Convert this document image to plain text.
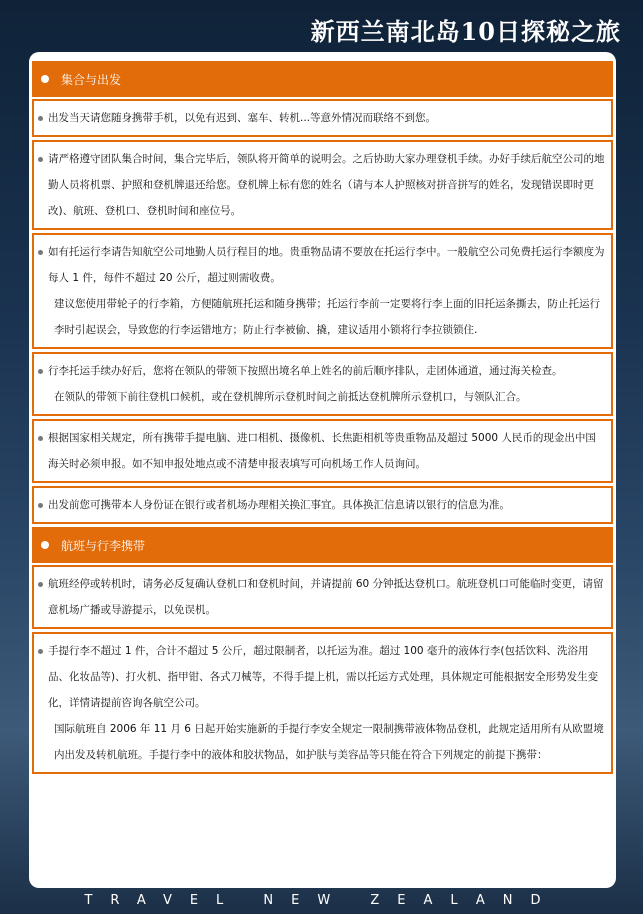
新西兰南北岛10日探秘之旅
集合与出发

出发当天请您随身携带手机，以免有迟到、塞车、转机...等意外情况而联络不到您。

请严格遵守团队集合时间，集合完毕后，领队将开简单的说明会。之后协助大家办理登机手续。办好手续后航空公司的地勤人员将机票、护照和登机牌退还给您。登机牌上标有您的姓名（请与本人护照核对拼音拼写的姓名，发现错误即时更改)、航班、登机口、登机时间和座位号。

如有托运行李请告知航空公司地勤人员行程目的地。贵重物品请不要放在托运行李中。一般航空公司免费托运行李额度为每人 1 件，每件不超过 20 公斤，超过则需收费。

建议您使用带轮子的行李箱，方便随航班托运和随身携带；托运行李前一定要将行李上面的旧托运条撕去，防止托运行李时引起误会，导致您的行李运错地方；防止行李被偷、撬，建议适用小锁将行李拉锁锁住.

行李托运手续办好后，您将在领队的带领下按照出境名单上姓名的前后顺序排队，走团体通道，通过海关检查。

在领队的带领下前往登机口候机，或在登机牌所示登机时间之前抵达登机牌所示登机口，与领队汇合。

根据国家相关规定，所有携带手提电脑、进口相机、摄像机、长焦距相机等贵重物品及超过 5000 人民币的现金出中国海关时必须申报。如不知申报处地点或不清楚申报表填写可向机场工作人员询问。

出发前您可携带本人身份证在银行或者机场办理相关换汇事宜。具体换汇信息请以银行的信息为准。

航班与行李携带

航班经停或转机时，请务必反复确认登机口和登机时间，并请提前 60 分钟抵达登机口。航班登机口可能临时变更，请留意机场广播或导游提示，以免误机。

手提行李不超过 1 件，合计不超过 5 公斤，超过限制者，以托运为准。超过 100 毫升的液体行李(包括饮料、洗浴用品、化妆品等)、打火机、指甲钳、各式刀械等，不得手提上机，需以托运方式处理，具体规定可能根据安全形势发生变化，详情请提前咨询各航空公司。

国际航班自 2006 年 11 月 6 日起开始实施新的手提行李安全规定一限制携带液体物品登机，此规定适用所有从欧盟境内出发及转机航班。手提行李中的液体和胶状物品，如护肤与美容品等只能在符合下列规定的前提下携带：

TRAVEL NEW ZEALAND
